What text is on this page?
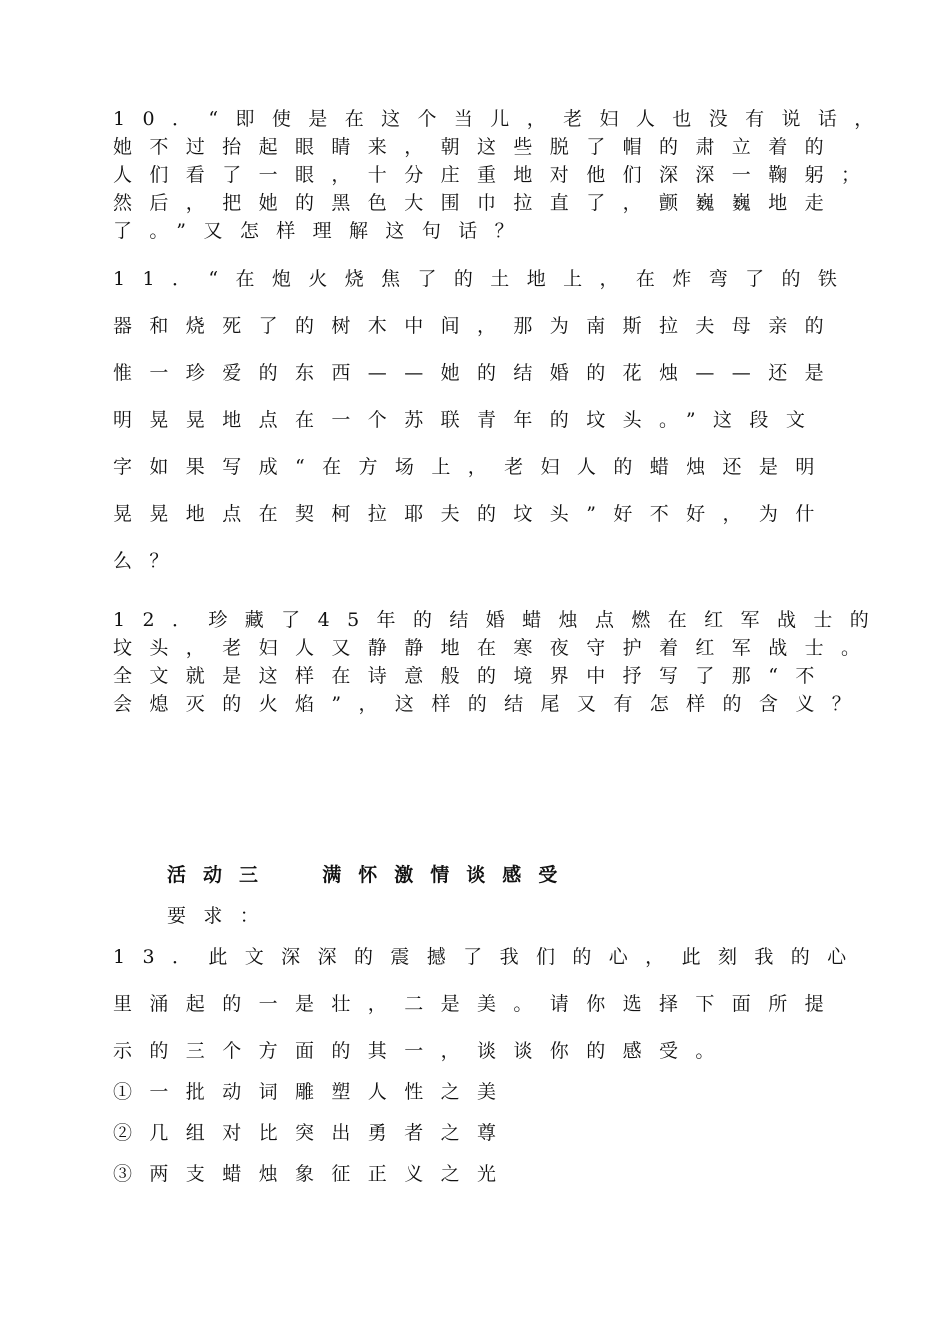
10．“即使是在这个当儿，老妇人也没有说话，
她不过抬起眼睛来，朝这些脱了帽的肃立着的
人们看了一眼，十分庄重地对他们深深一鞠躬；
然后，把她的黑色大围巾拉直了，颤巍巍地走
了。”又怎样理解这句话？
11．“在炮火烧焦了的土地上，在炸弯了的铁
器和烧死了的树木中间，那为南斯拉夫母亲的
惟一珍爱的东西——她的结婚的花烛——还是
明晃晃地点在一个苏联青年的坟头。”这段文
字如果写成“在方场上，老妇人的蜡烛还是明
晃晃地点在契柯拉耶夫的坟头”好不好，为什
么？
12．珍藏了45年的结婚蜡烛点燃在红军战士的
坟头，老妇人又静静地在寒夜守护着红军战士。
全文就是这样在诗意般的境界中抒写了那“不
会熄灭的火焰”，这样的结尾又有怎样的含义？
活动三  满怀激情谈感受
要求：
13．此文深深的震撼了我们的心，此刻我的心
里涌起的一是壮，二是美。请你选择下面所提
示的三个方面的其一，谈谈你的感受。
①一批动词雕塑人性之美
②几组对比突出勇者之尊
③两支蜡烛象征正义之光
